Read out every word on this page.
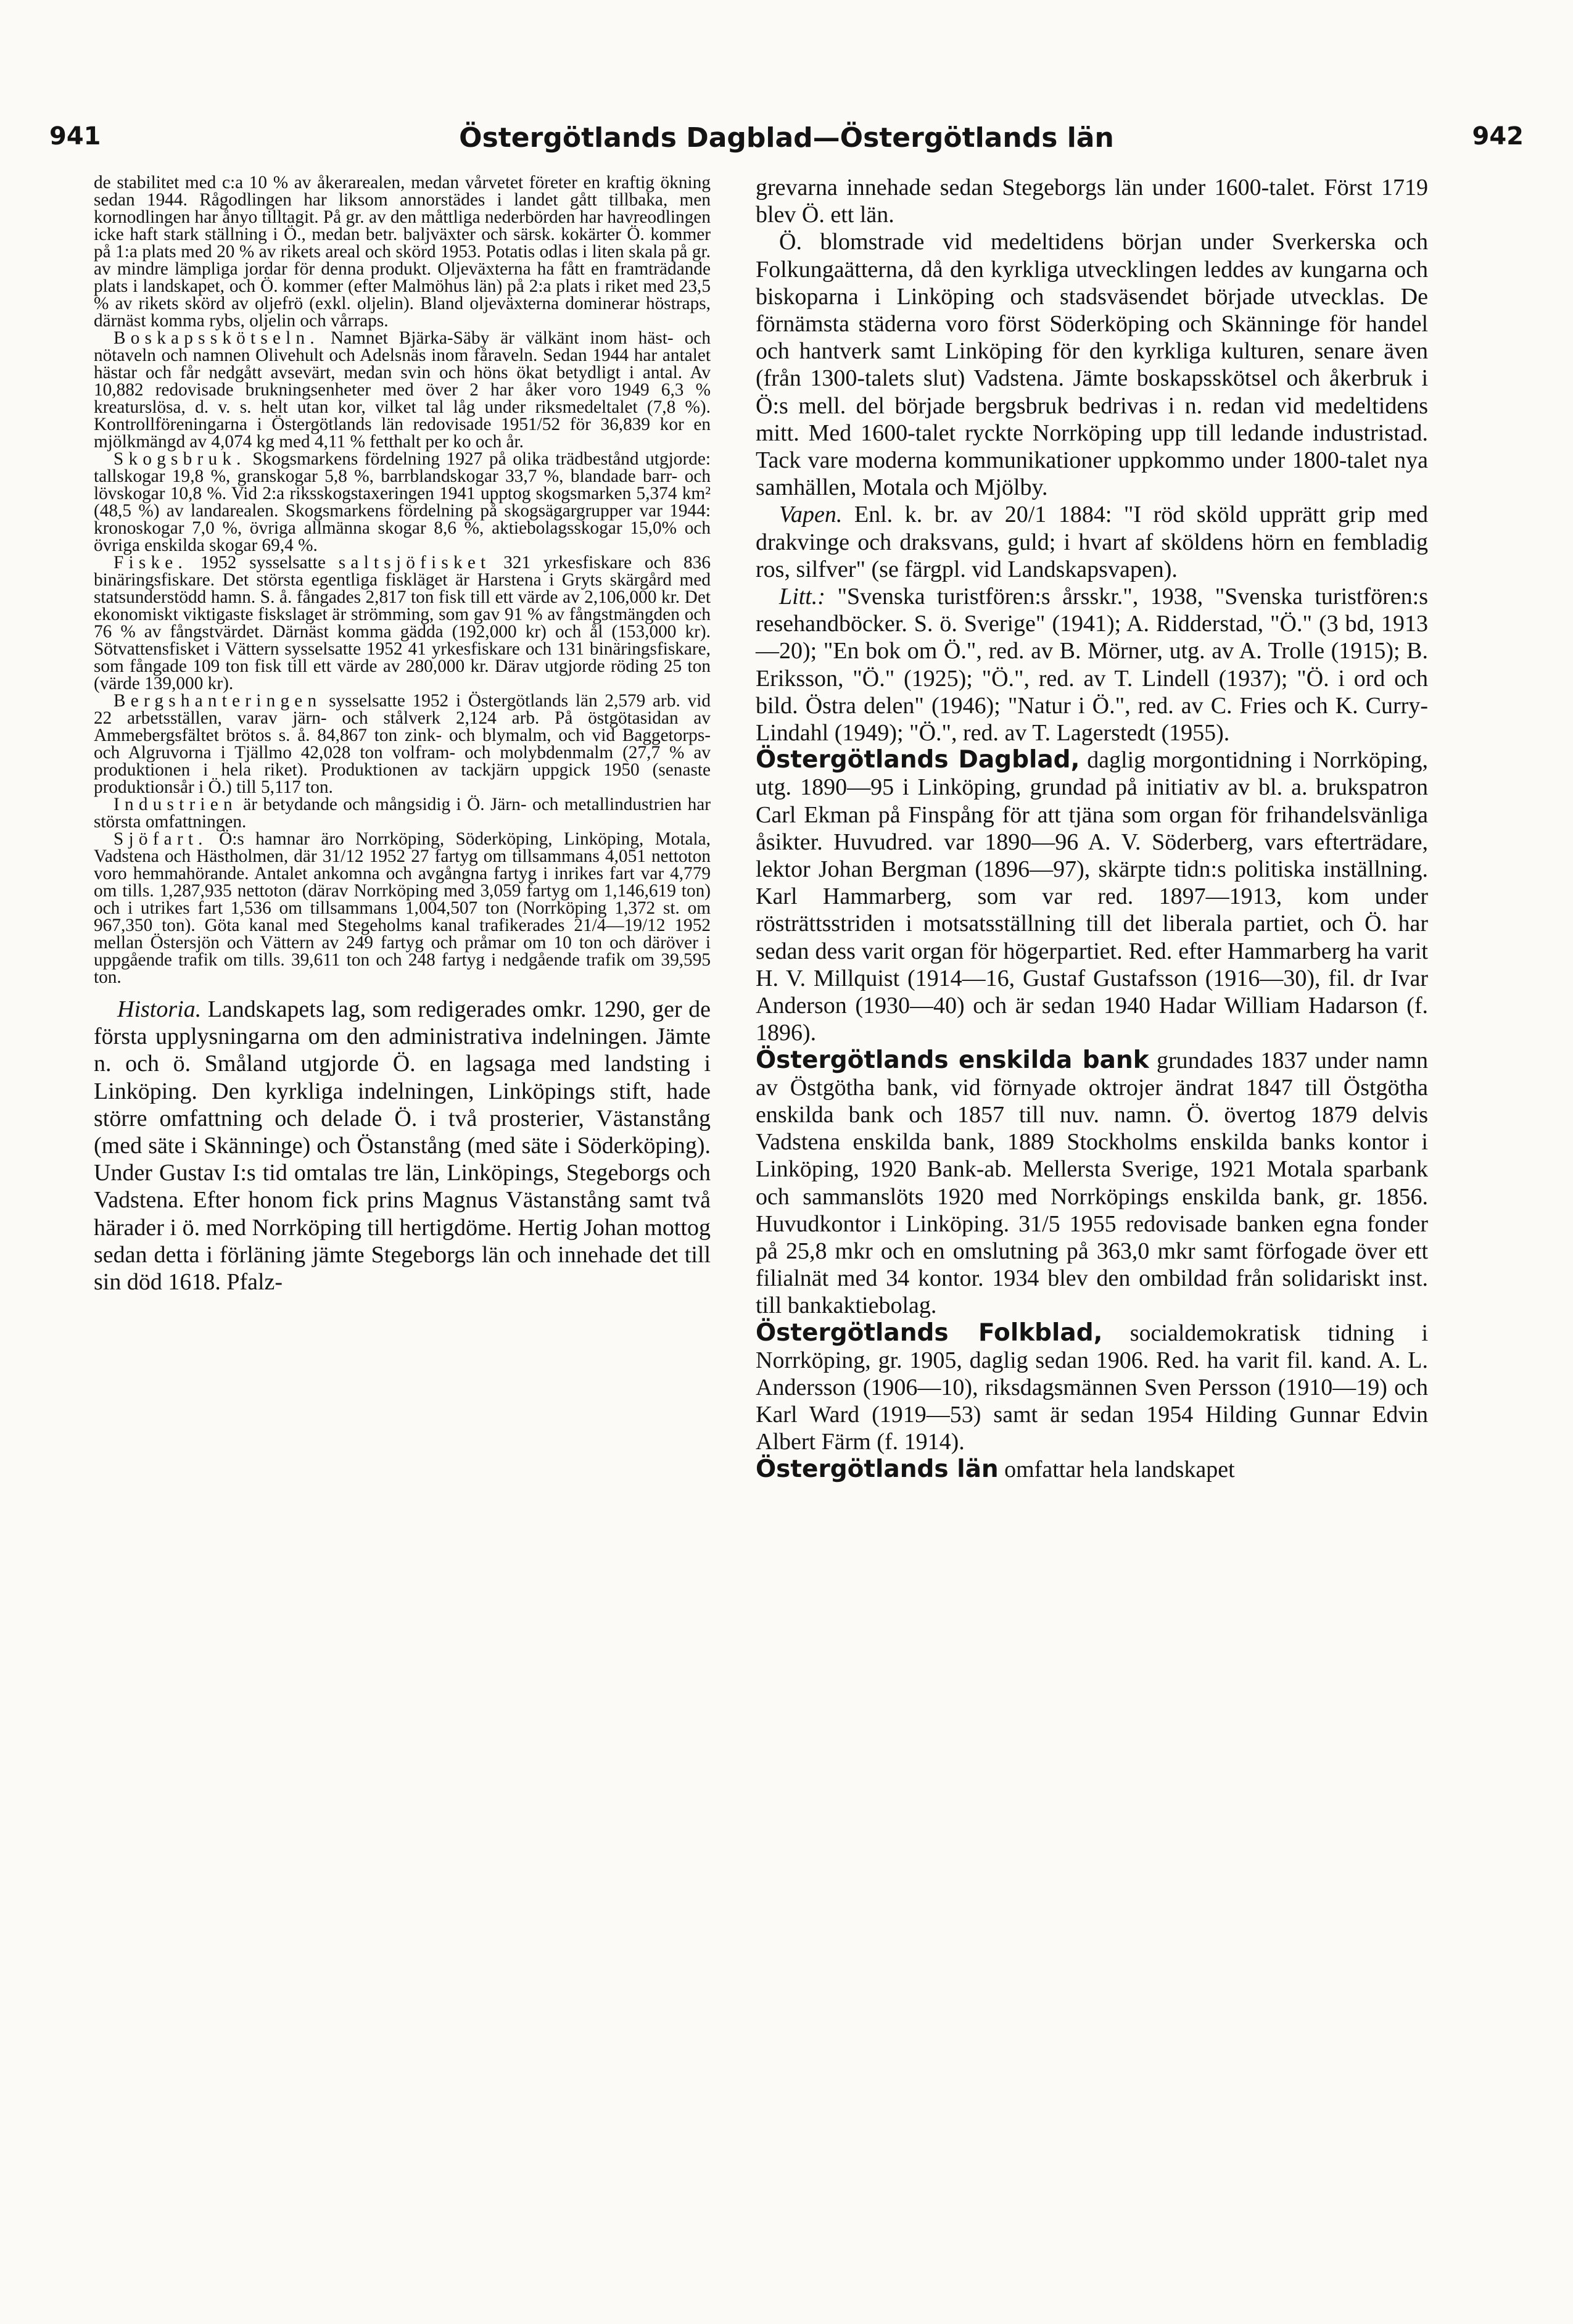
941	Östergötlands Dagblad—Östergötlands län	942

de stabilitet med c:a 10 % av åkerarealen, medan vårvetet företer en kraftig ökning sedan 1944. Rågodlingen har liksom annorstädes i landet gått tillbaka, men kornodlingen har ånyo tilltagit. På gr. av den måttliga nederbörden har havreodlingen icke haft stark ställning i Ö., medan betr. baljväxter och särsk. kokärter Ö. kommer på 1:a plats med 20 % av rikets areal och skörd 1953. Potatis odlas i liten skala på gr. av mindre lämpliga jordar för denna produkt. Oljeväxterna ha fått en framträdande plats i landskapet, och Ö. kommer (efter Malmöhus län) på 2:a plats i riket med 23,5 % av rikets skörd av oljefrö (exkl. oljelin). Bland oljeväxterna dominerar höstraps, därnäst komma rybs, oljelin och vårraps.

Boskapsskötseln. Namnet Bjärka-Säby är välkänt inom häst- och nötaveln och namnen Olivehult och Adelsnäs inom fåraveln. Sedan 1944 har antalet hästar och får nedgått avsevärt, medan svin och höns ökat betydligt i antal. Av 10,882 redovisade brukningsenheter med över 2 har åker voro 1949 6,3 % kreaturslösa, d. v. s. helt utan kor, vilket tal låg under riksmedeltalet (7,8 %). Kontrollföreningarna i Östergötlands län redovisade 1951/52 för 36,839 kor en mjölkmängd av 4,074 kg med 4,11 % fetthalt per ko och år.

Skogsbruk. Skogsmarkens fördelning 1927 på olika trädbestånd utgjorde: tallskogar 19,8 %, granskogar 5,8 %, barrblandskogar 33,7 %, blandade barr- och lövskogar 10,8 %. Vid 2:a riksskogstaxeringen 1941 upptog skogsmarken 5,374 km² (48,5 %) av landarealen. Skogsmarkens fördelning på skogsägargrupper var 1944: kronoskogar 7,0 %, övriga allmänna skogar 8,6 %, aktiebolagsskogar 15,0% och övriga enskilda skogar 69,4 %.

Fiske. 1952 sysselsatte saltsjöfisket 321 yrkesfiskare och 836 binäringsfiskare. Det största egentliga fiskläget är Harstena i Gryts skärgård med statsunderstödd hamn. S. å. fångades 2,817 ton fisk till ett värde av 2,106,000 kr. Det ekonomiskt viktigaste fiskslaget är strömming, som gav 91 % av fångstmängden och 76 % av fångstvärdet. Därnäst komma gädda (192,000 kr) och ål (153,000 kr). Sötvattensfisket i Vättern sysselsatte 1952 41 yrkesfiskare och 131 binäringsfiskare, som fångade 109 ton fisk till ett värde av 280,000 kr. Därav utgjorde röding 25 ton (värde 139,000 kr).

Bergshanteringen sysselsatte 1952 i Östergötlands län 2,579 arb. vid 22 arbetsställen, varav järn- och stålverk 2,124 arb. På östgötasidan av Ammebergsfältet brötos s. å. 84,867 ton zink- och blymalm, och vid Baggetorps- och Algruvorna i Tjällmo 42,028 ton volfram- och molybdenmalm (27,7 % av produktionen i hela riket). Produktionen av tackjärn uppgick 1950 (senaste produktionsår i Ö.) till 5,117 ton.

Industrien är betydande och mångsidig i Ö. Järn- och metallindustrien har största omfattningen.

Sjöfart. Ö:s hamnar äro Norrköping, Söderköping, Linköping, Motala, Vadstena och Hästholmen, där 31/12 1952 27 fartyg om tillsammans 4,051 nettoton voro hemmahörande. Antalet ankomna och avgångna fartyg i inrikes fart var 4,779 om tills. 1,287,935 nettoton (därav Norrköping med 3,059 fartyg om 1,146,619 ton) och i utrikes fart 1,536 om tillsammans 1,004,507 ton (Norrköping 1,372 st. om 967,350 ton). Göta kanal med Stegeholms kanal trafikerades 21/4—19/12 1952 mellan Östersjön och Vättern av 249 fartyg och pråmar om 10 ton och däröver i uppgående trafik om tills. 39,611 ton och 248 fartyg i nedgående trafik om 39,595 ton.

Historia. Landskapets lag, som redigerades omkr. 1290, ger de första upplysningarna om den administrativa indelningen. Jämte n. och ö. Småland utgjorde Ö. en lagsaga med landsting i Linköping. Den kyrkliga indelningen, Linköpings stift, hade större omfattning och delade Ö. i två prosterier, Västanstång (med säte i Skänninge) och Östanstång (med säte i Söderköping). Under Gustav I:s tid omtalas tre län, Linköpings, Stegeborgs och Vadstena. Efter honom fick prins Magnus Västanstång samt två härader i ö. med Norrköping till hertigdöme. Hertig Johan mottog sedan detta i förläning jämte Stegeborgs län och innehade det till sin död 1618. Pfalz-

grevarna innehade sedan Stegeborgs län under 1600-talet. Först 1719 blev Ö. ett län.

Ö. blomstrade vid medeltidens början under Sverkerska och Folkungaätterna, då den kyrkliga utvecklingen leddes av kungarna och biskoparna i Linköping och stadsväsendet började utvecklas. De förnämsta städerna voro först Söderköping och Skänninge för handel och hantverk samt Linköping för den kyrkliga kulturen, senare även (från 1300-talets slut) Vadstena. Jämte boskapsskötsel och åkerbruk i Ö:s mell. del började bergsbruk bedrivas i n. redan vid medeltidens mitt. Med 1600-talet ryckte Norrköping upp till ledande industristad. Tack vare moderna kommunikationer uppkommo under 1800-talet nya samhällen, Motala och Mjölby.

Vapen. Enl. k. br. av 20/1 1884: "I röd sköld upprätt grip med drakvinge och draksvans, guld; i hvart af sköldens hörn en fembladig ros, silfver" (se färgpl. vid Landskapsvapen).

Litt.: "Svenska turistfören:s årsskr.", 1938, "Svenska turistfören:s resehandböcker. S. ö. Sverige" (1941); A. Ridderstad, "Ö." (3 bd, 1913—20); "En bok om Ö.", red. av B. Mörner, utg. av A. Trolle (1915); B. Eriksson, "Ö." (1925); "Ö.", red. av T. Lindell (1937); "Ö. i ord och bild. Östra delen" (1946); "Natur i Ö.", red. av C. Fries och K. Curry-Lindahl (1949); "Ö.", red. av T. Lagerstedt (1955).

Östergötlands Dagblad, daglig morgontidning i Norrköping, utg. 1890—95 i Linköping, grundad på initiativ av bl. a. brukspatron Carl Ekman på Finspång för att tjäna som organ för frihandelsvänliga åsikter. Huvudred. var 1890—96 A. V. Söderberg, vars efterträdare, lektor Johan Bergman (1896—97), skärpte tidn:s politiska inställning. Karl Hammarberg, som var red. 1897—1913, kom under rösträttsstriden i motsatsställning till det liberala partiet, och Ö. har sedan dess varit organ för högerpartiet. Red. efter Hammarberg ha varit H. V. Millquist (1914—16, Gustaf Gustafsson (1916—30), fil. dr Ivar Anderson (1930—40) och är sedan 1940 Hadar William Hadarson (f. 1896).

Östergötlands enskilda bank grundades 1837 under namn av Östgötha bank, vid förnyade oktrojer ändrat 1847 till Östgötha enskilda bank och 1857 till nuv. namn. Ö. övertog 1879 delvis Vadstena enskilda bank, 1889 Stockholms enskilda banks kontor i Linköping, 1920 Bank-ab. Mellersta Sverige, 1921 Motala sparbank och sammanslöts 1920 med Norrköpings enskilda bank, gr. 1856. Huvudkontor i Linköping. 31/5 1955 redovisade banken egna fonder på 25,8 mkr och en omslutning på 363,0 mkr samt förfogade över ett filialnät med 34 kontor. 1934 blev den ombildad från solidariskt inst. till bankaktiebolag.

Östergötlands Folkblad, socialdemokratisk tidning i Norrköping, gr. 1905, daglig sedan 1906. Red. ha varit fil. kand. A. L. Andersson (1906—10), riksdagsmännen Sven Persson (1910—19) och Karl Ward (1919—53) samt är sedan 1954 Hilding Gunnar Edvin Albert Färm (f. 1914).

Östergötlands län omfattar hela landskapet
